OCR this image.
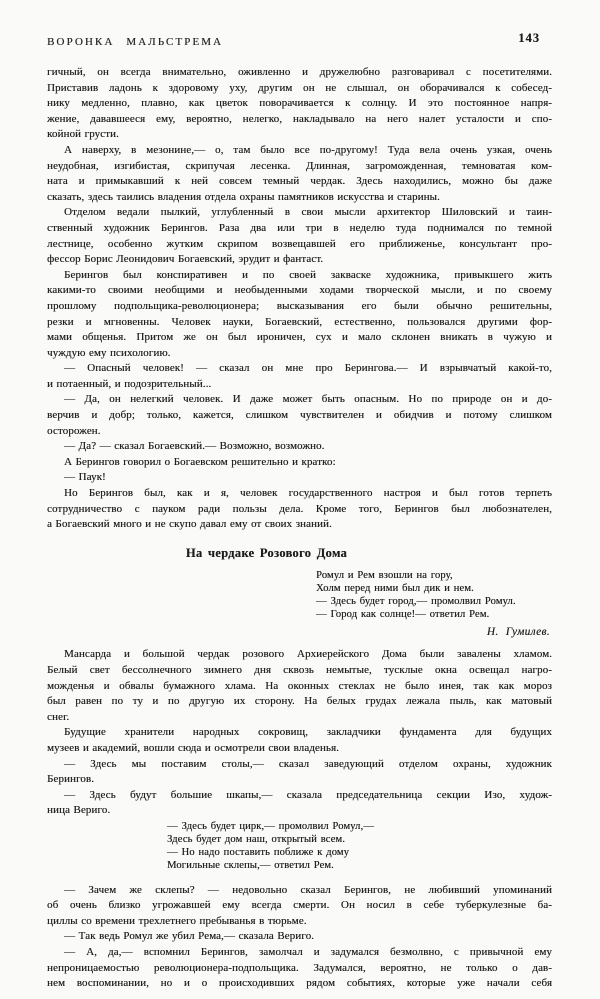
ВОРОНКА МАЛЬСТРЕМА	143
гичный, он всегда внимательно, оживленно и дружелюбно разговаривал с посетителями.
Приставив ладонь к здоровому уху, другим он не слышал, он оборачивался к собесед-
нику медленно, плавно, как цветок поворачивается к солнцу. И это постоянное напря-
жение, дававшееся ему, вероятно, нелегко, накладывало на него налет усталости и спо-
койной грусти.
А наверху, в мезонине,— о, там было все по-другому! Туда вела очень узкая, очень
неудобная, изгибистая, скрипучая лесенка. Длинная, загроможденная, темноватая ком-
ната и примыкавший к ней совсем темный чердак. Здесь находились, можно бы даже
сказать, здесь таились владения отдела охраны памятников искусства и старины.
Отделом ведали пылкий, углубленный в свои мысли архитектор Шиловский и таин-
ственный художник Берингов. Раза два или три в неделю туда поднимался по темной
лестнице, особенно жутким скрипом возвещавшей его приближенье, консультант про-
фессор Борис Леонидович Богаевский, эрудит и фантаст.
Берингов был конспиративен и по своей закваске художника, привыкшего жить
какими-то своими необщими и необыденными ходами творческой мысли, и по своему
прошлому подпольщика-революционера; высказывания его были обычно решительны,
резки и мгновенны. Человек науки, Богаевский, естественно, пользовался другими фор-
мами общенья. Притом же он был ироничен, сух и мало склонен вникать в чужую и
чуждую ему психологию.
— Опасный человек! — сказал он мне про Берингова.— И взрывчатый какой-то,
и потаенный, и подозрительный...
— Да, он нелегкий человек. И даже может быть опасным. Но по природе он и до-
верчив и добр; только, кажется, слишком чувствителен и обидчив и потому слишком
осторожен.
— Да? — сказал Богаевский.— Возможно, возможно.
А Берингов говорил о Богаевском решительно и кратко:
— Паук!
Но Берингов был, как и я, человек государственного настроя и был готов терпеть
сотрудничество с пауком ради пользы дела. Кроме того, Берингов был любознателен,
а Богаевский много и не скупо давал ему от своих знаний.
На чердаке Розового Дома
Ромул и Рем взошли на гору,
Холм перед ними был дик и нем.
— Здесь будет город,— промолвил Ромул.
— Город как солнце!— ответил Рем.
Н. Гумилев.
Мансарда и большой чердак розового Архиерейского Дома были завалены хламом.
Белый свет бессолнечного зимнего дня сквозь немытые, тусклые окна освещал нагро-
можденья и обвалы бумажного хлама. На оконных стеклах не было инея, так как мороз
был равен по ту и по другую их сторону. На белых грудах лежала пыль, как матовый
снег.
Будущие хранители народных сокровищ, закладчики фундамента для будущих
музеев и академий, вошли сюда и осмотрели свои владенья.
— Здесь мы поставим столы,— сказал заведующий отделом охраны, художник
Берингов.
— Здесь будут большие шкапы,— сказала председательница секции Изо, худож-
ница Вериго.
— Здесь будет цирк,— промолвил Ромул,—
Здесь будет дом наш, открытый всем.
— Но надо поставить поближе к дому
Могильные склепы,— ответил Рем.
— Зачем же склепы? — недовольно сказал Берингов, не любивший упоминаний
об очень близко угрожавшей ему всегда смерти. Он носил в себе туберкулезные ба-
циллы со времени трехлетнего пребыванья в тюрьме.
— Так ведь Ромул же убил Рема,— сказала Вериго.
— А, да,— вспомнил Берингов, замолчал и задумался безмолвно, с привычной ему
непроницаемостью революционера-подпольщика. Задумался, вероятно, не только о дав-
нем воспоминании, но и о происходивших рядом событиях, которые уже начали себя
